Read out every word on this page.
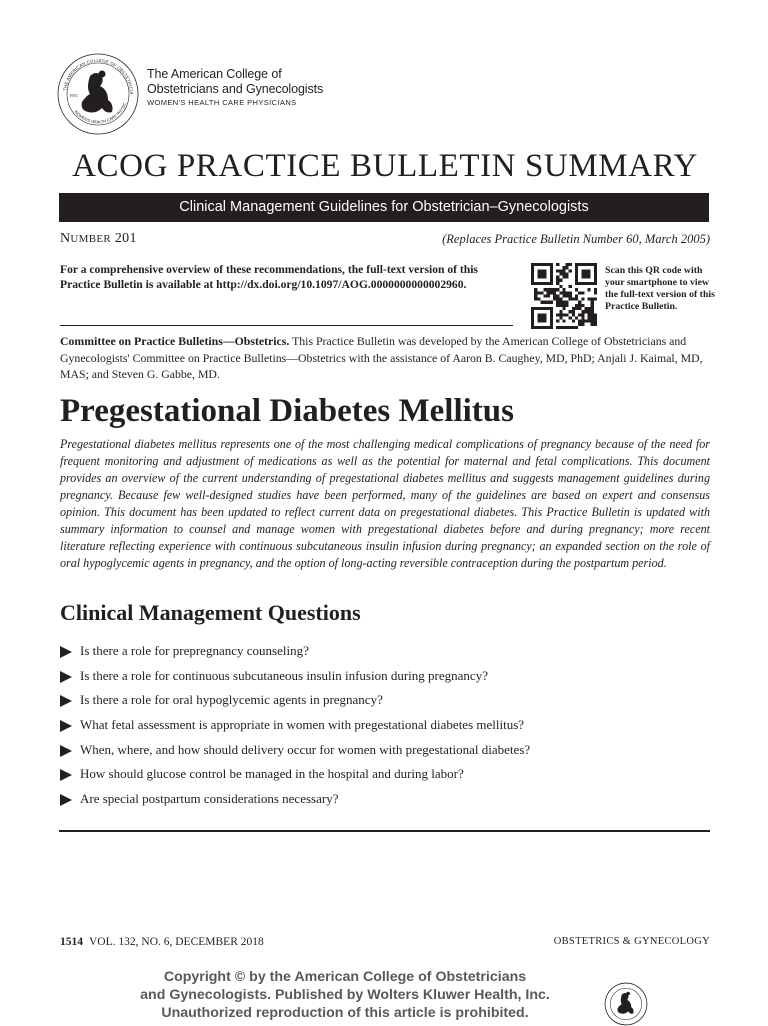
1951
THE AMERICAN COLLEGE OF OBSTETRICIA
WOMEN'S HEALTH CARE PHYSIC
The American College of
Obstetricians and Gynecologists
WOMEN'S HEALTH CARE PHYSICIANS
ACOG PRACTICE BULLETIN SUMMARY
Clinical Management Guidelines for Obstetrician–Gynecologists
NUMBER 201	(Replaces Practice Bulletin Number 60, March 2005)
For a comprehensive overview of these recommendations, the full-text version of this Practice Bulletin is available at http://dx.doi.org/10.1097/AOG.0000000000002960.
Scan this QR code with your smartphone to view the full-text version of this Practice Bulletin.
Committee on Practice Bulletins—Obstetrics. This Practice Bulletin was developed by the American College of Obstetricians and Gynecologists' Committee on Practice Bulletins—Obstetrics with the assistance of Aaron B. Caughey, MD, PhD; Anjali J. Kaimal, MD, MAS; and Steven G. Gabbe, MD.
Pregestational Diabetes Mellitus
Pregestational diabetes mellitus represents one of the most challenging medical complications of pregnancy because of the need for frequent monitoring and adjustment of medications as well as the potential for maternal and fetal complications. This document provides an overview of the current understanding of pregestational diabetes mellitus and suggests management guidelines during pregnancy. Because few well-designed studies have been performed, many of the guidelines are based on expert and consensus opinion. This document has been updated to reflect current data on pregestational diabetes. This Practice Bulletin is updated with summary information to counsel and manage women with pregestational diabetes before and during pregnancy; more recent literature reflecting experience with continuous subcutaneous insulin infusion during pregnancy; an expanded section on the role of oral hypoglycemic agents in pregnancy, and the option of long-acting reversible contraception during the postpartum period.
Clinical Management Questions
Is there a role for prepregnancy counseling?
Is there a role for continuous subcutaneous insulin infusion during pregnancy?
Is there a role for oral hypoglycemic agents in pregnancy?
What fetal assessment is appropriate in women with pregestational diabetes mellitus?
When, where, and how should delivery occur for women with pregestational diabetes?
How should glucose control be managed in the hospital and during labor?
Are special postpartum considerations necessary?
1514 VOL. 132, NO. 6, DECEMBER 2018	OBSTETRICS & GYNECOLOGY
Copyright © by the American College of Obstetricians
and Gynecologists. Published by Wolters Kluwer Health, Inc.
Unauthorized reproduction of this article is prohibited.
